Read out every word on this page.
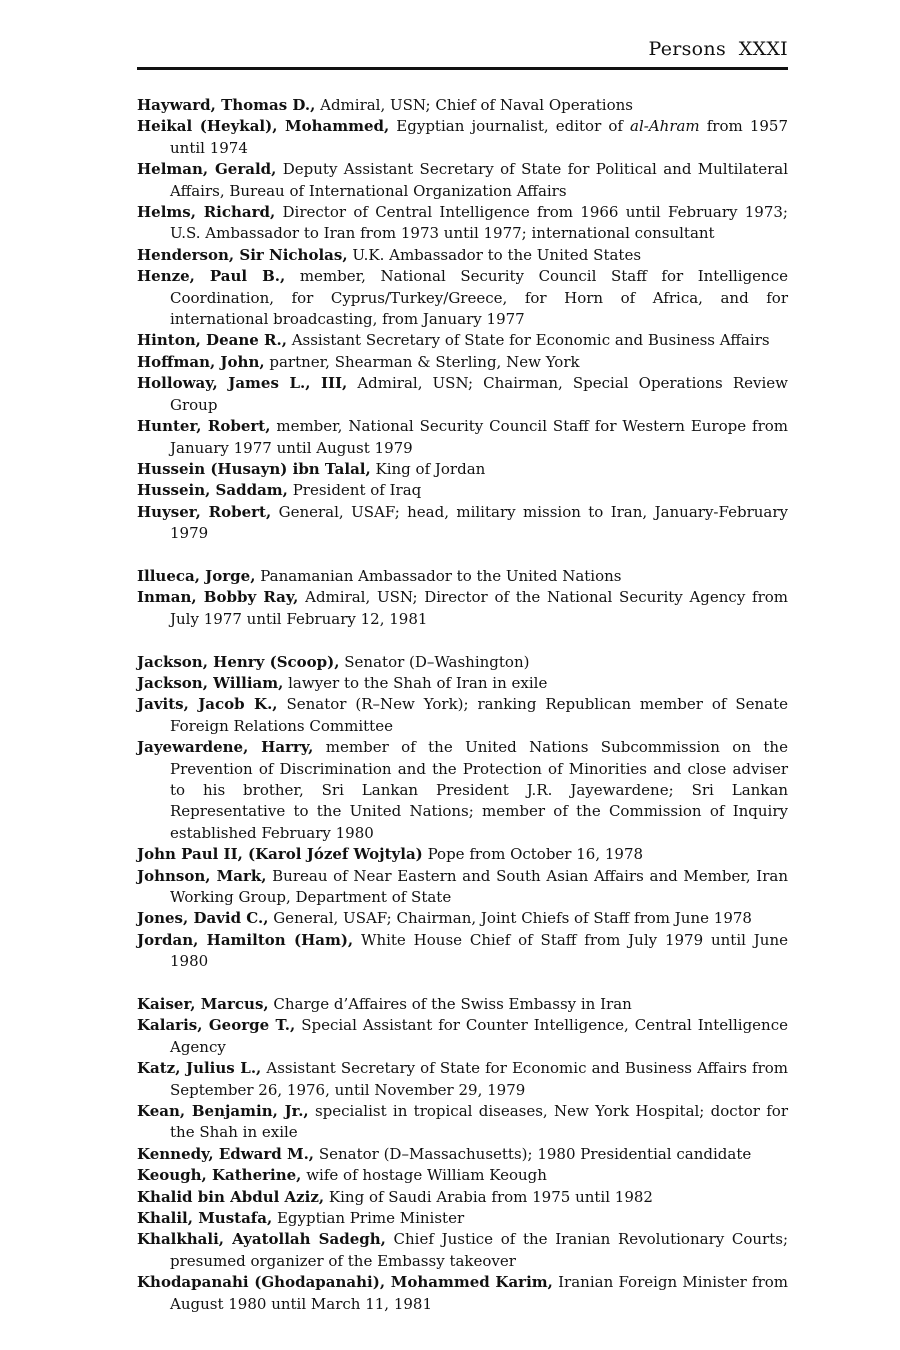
Persons XXXI
Hayward, Thomas D., Admiral, USN; Chief of Naval Operations
Heikal (Heykal), Mohammed, Egyptian journalist, editor of al-Ahram from 1957 until 1974
Helman, Gerald, Deputy Assistant Secretary of State for Political and Multilateral Affairs, Bureau of International Organization Affairs
Helms, Richard, Director of Central Intelligence from 1966 until February 1973; U.S. Ambassador to Iran from 1973 until 1977; international consultant
Henderson, Sir Nicholas, U.K. Ambassador to the United States
Henze, Paul B., member, National Security Council Staff for Intelligence Coordination, for Cyprus/Turkey/Greece, for Horn of Africa, and for international broadcasting, from January 1977
Hinton, Deane R., Assistant Secretary of State for Economic and Business Affairs
Hoffman, John, partner, Shearman & Sterling, New York
Holloway, James L., III, Admiral, USN; Chairman, Special Operations Review Group
Hunter, Robert, member, National Security Council Staff for Western Europe from January 1977 until August 1979
Hussein (Husayn) ibn Talal, King of Jordan
Hussein, Saddam, President of Iraq
Huyser, Robert, General, USAF; head, military mission to Iran, January-February 1979
Illueca, Jorge, Panamanian Ambassador to the United Nations
Inman, Bobby Ray, Admiral, USN; Director of the National Security Agency from July 1977 until February 12, 1981
Jackson, Henry (Scoop), Senator (D–Washington)
Jackson, William, lawyer to the Shah of Iran in exile
Javits, Jacob K., Senator (R–New York); ranking Republican member of Senate Foreign Relations Committee
Jayewardene, Harry, member of the United Nations Subcommission on the Prevention of Discrimination and the Protection of Minorities and close adviser to his brother, Sri Lankan President J.R. Jayewardene; Sri Lankan Representative to the United Nations; member of the Commission of Inquiry established February 1980
John Paul II, (Karol Józef Wojtyla) Pope from October 16, 1978
Johnson, Mark, Bureau of Near Eastern and South Asian Affairs and Member, Iran Working Group, Department of State
Jones, David C., General, USAF; Chairman, Joint Chiefs of Staff from June 1978
Jordan, Hamilton (Ham), White House Chief of Staff from July 1979 until June 1980
Kaiser, Marcus, Charge d’Affaires of the Swiss Embassy in Iran
Kalaris, George T., Special Assistant for Counter Intelligence, Central Intelligence Agency
Katz, Julius L., Assistant Secretary of State for Economic and Business Affairs from September 26, 1976, until November 29, 1979
Kean, Benjamin, Jr., specialist in tropical diseases, New York Hospital; doctor for the Shah in exile
Kennedy, Edward M., Senator (D–Massachusetts); 1980 Presidential candidate
Keough, Katherine, wife of hostage William Keough
Khalid bin Abdul Aziz, King of Saudi Arabia from 1975 until 1982
Khalil, Mustafa, Egyptian Prime Minister
Khalkhali, Ayatollah Sadegh, Chief Justice of the Iranian Revolutionary Courts; presumed organizer of the Embassy takeover
Khodapanahi (Ghodapanahi), Mohammed Karim, Iranian Foreign Minister from August 1980 until March 11, 1981
